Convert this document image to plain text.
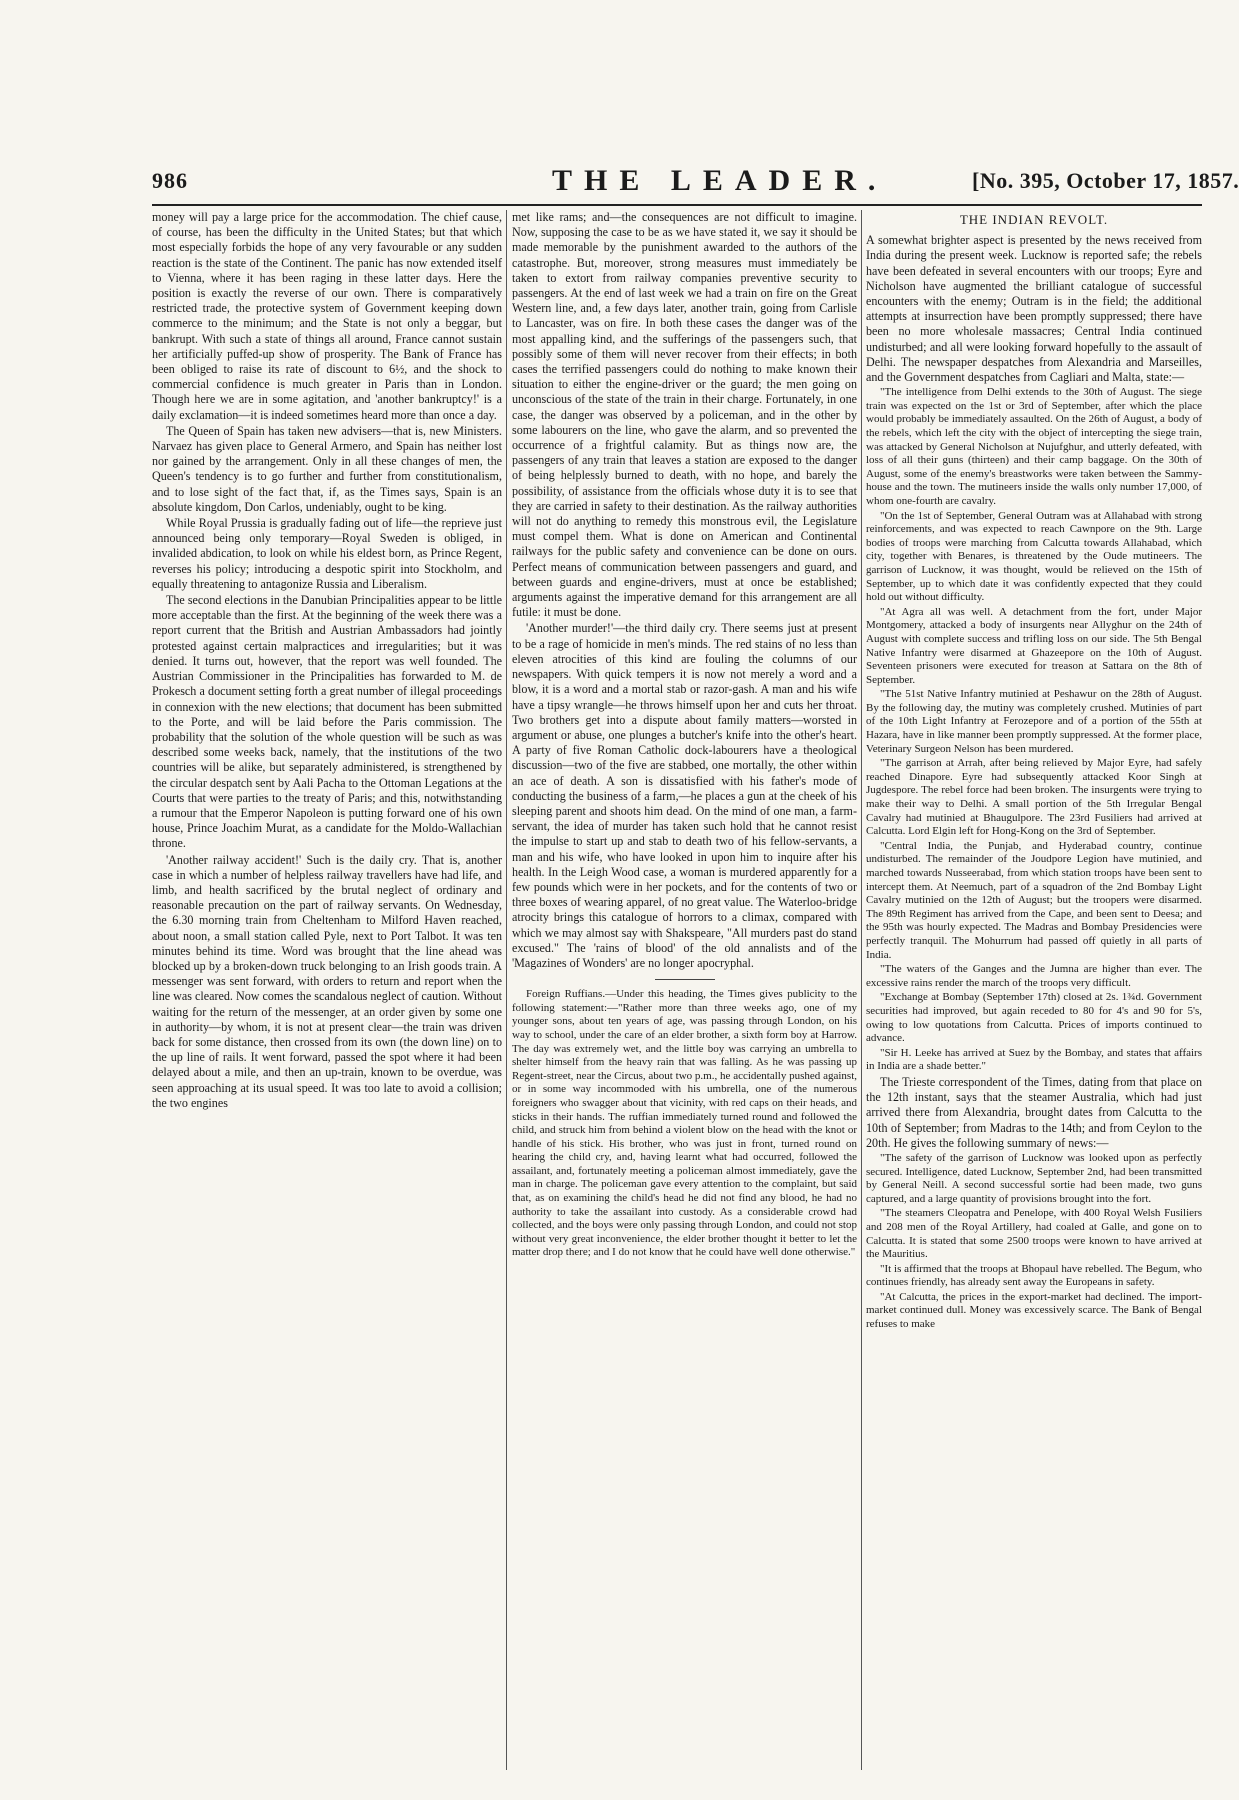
986	THE LEADER.	[No. 395, October 17, 1857.

money will pay a large price for the accommodation. The chief cause, of course, has been the difficulty in the United States; but that which most especially forbids the hope of any very favourable or any sudden reaction is the state of the Continent. The panic has now extended itself to Vienna, where it has been raging in these latter days. Here the position is exactly the reverse of our own. There is comparatively restricted trade, the protective system of Government keeping down commerce to the minimum; and the State is not only a beggar, but bankrupt. With such a state of things all around, France cannot sustain her artificially puffed-up show of prosperity. The Bank of France has been obliged to raise its rate of discount to 6½, and the shock to commercial confidence is much greater in Paris than in London. Though here we are in some agitation, and 'another bankruptcy!' is a daily exclamation—it is indeed sometimes heard more than once a day.

The Queen of Spain has taken new advisers—that is, new Ministers. Narvaez has given place to General Armero, and Spain has neither lost nor gained by the arrangement. Only in all these changes of men, the Queen's tendency is to go further and further from constitutionalism, and to lose sight of the fact that, if, as the Times says, Spain is an absolute kingdom, Don Carlos, undeniably, ought to be king.

While Royal Prussia is gradually fading out of life—the reprieve just announced being only temporary—Royal Sweden is obliged, in invalided abdication, to look on while his eldest born, as Prince Regent, reverses his policy; introducing a despotic spirit into Stockholm, and equally threatening to antagonize Russia and Liberalism.

The second elections in the Danubian Principalities appear to be little more acceptable than the first. At the beginning of the week there was a report current that the British and Austrian Ambassadors had jointly protested against certain malpractices and irregularities; but it was denied. It turns out, however, that the report was well founded. The Austrian Commissioner in the Principalities has forwarded to M. de Prokesch a document setting forth a great number of illegal proceedings in connexion with the new elections; that document has been submitted to the Porte, and will be laid before the Paris commission. The probability that the solution of the whole question will be such as was described some weeks back, namely, that the institutions of the two countries will be alike, but separately administered, is strengthened by the circular despatch sent by Aali Pacha to the Ottoman Legations at the Courts that were parties to the treaty of Paris; and this, notwithstanding a rumour that the Emperor Napoleon is putting forward one of his own house, Prince Joachim Murat, as a candidate for the Moldo-Wallachian throne.

'Another railway accident!' Such is the daily cry. That is, another case in which a number of helpless railway travellers have had life, and limb, and health sacrificed by the brutal neglect of ordinary and reasonable precaution on the part of railway servants. On Wednesday, the 6.30 morning train from Cheltenham to Milford Haven reached, about noon, a small station called Pyle, next to Port Talbot. It was ten minutes behind its time. Word was brought that the line ahead was blocked up by a broken-down truck belonging to an Irish goods train. A messenger was sent forward, with orders to return and report when the line was cleared. Now comes the scandalous neglect of caution. Without waiting for the return of the messenger, at an order given by some one in authority—by whom, it is not at present clear—the train was driven back for some distance, then crossed from its own (the down line) on to the up line of rails. It went forward, passed the spot where it had been delayed about a mile, and then an up-train, known to be overdue, was seen approaching at its usual speed. It was too late to avoid a collision; the two engines

met like rams; and—the consequences are not difficult to imagine. Now, supposing the case to be as we have stated it, we say it should be made memorable by the punishment awarded to the authors of the catastrophe. But, moreover, strong measures must immediately be taken to extort from railway companies preventive security to passengers. At the end of last week we had a train on fire on the Great Western line, and, a few days later, another train, going from Carlisle to Lancaster, was on fire. In both these cases the danger was of the most appalling kind, and the sufferings of the passengers such, that possibly some of them will never recover from their effects; in both cases the terrified passengers could do nothing to make known their situation to either the engine-driver or the guard; the men going on unconscious of the state of the train in their charge. Fortunately, in one case, the danger was observed by a policeman, and in the other by some labourers on the line, who gave the alarm, and so prevented the occurrence of a frightful calamity. But as things now are, the passengers of any train that leaves a station are exposed to the danger of being helplessly burned to death, with no hope, and barely the possibility, of assistance from the officials whose duty it is to see that they are carried in safety to their destination. As the railway authorities will not do anything to remedy this monstrous evil, the Legislature must compel them. What is done on American and Continental railways for the public safety and convenience can be done on ours. Perfect means of communication between passengers and guard, and between guards and engine-drivers, must at once be established; arguments against the imperative demand for this arrangement are all futile: it must be done.

'Another murder!'—the third daily cry. There seems just at present to be a rage of homicide in men's minds. The red stains of no less than eleven atrocities of this kind are fouling the columns of our newspapers. With quick tempers it is now not merely a word and a blow, it is a word and a mortal stab or razor-gash. A man and his wife have a tipsy wrangle—he throws himself upon her and cuts her throat. Two brothers get into a dispute about family matters—worsted in argument or abuse, one plunges a butcher's knife into the other's heart. A party of five Roman Catholic dock-labourers have a theological discussion—two of the five are stabbed, one mortally, the other within an ace of death. A son is dissatisfied with his father's mode of conducting the business of a farm,—he places a gun at the cheek of his sleeping parent and shoots him dead. On the mind of one man, a farm-servant, the idea of murder has taken such hold that he cannot resist the impulse to start up and stab to death two of his fellow-servants, a man and his wife, who have looked in upon him to inquire after his health. In the Leigh Wood case, a woman is murdered apparently for a few pounds which were in her pockets, and for the contents of two or three boxes of wearing apparel, of no great value. The Waterloo-bridge atrocity brings this catalogue of horrors to a climax, compared with which we may almost say with Shakspeare, "All murders past do stand excused." The 'rains of blood' of the old annalists and of the 'Magazines of Wonders' are no longer apocryphal.

Foreign Ruffians.—Under this heading, the Times gives publicity to the following statement:—"Rather more than three weeks ago, one of my younger sons, about ten years of age, was passing through London, on his way to school, under the care of an elder brother, a sixth form boy at Harrow. The day was extremely wet, and the little boy was carrying an umbrella to shelter himself from the heavy rain that was falling. As he was passing up Regent-street, near the Circus, about two p.m., he accidentally pushed against, or in some way incommoded with his umbrella, one of the numerous foreigners who swagger about that vicinity, with red caps on their heads, and sticks in their hands. The ruffian immediately turned round and followed the child, and struck him from behind a violent blow on the head with the knot or handle of his stick. His brother, who was just in front, turned round on hearing the child cry, and, having learnt what had occurred, followed the assailant, and, fortunately meeting a policeman almost immediately, gave the man in charge. The policeman gave every attention to the complaint, but said that, as on examining the child's head he did not find any blood, he had no authority to take the assailant into custody. As a considerable crowd had collected, and the boys were only passing through London, and could not stop without very great inconvenience, the elder brother thought it better to let the matter drop there; and I do not know that he could have well done otherwise."

THE INDIAN REVOLT.

A somewhat brighter aspect is presented by the news received from India during the present week. Lucknow is reported safe; the rebels have been defeated in several encounters with our troops; Eyre and Nicholson have augmented the brilliant catalogue of successful encounters with the enemy; Outram is in the field; the additional attempts at insurrection have been promptly suppressed; there have been no more wholesale massacres; Central India continued undisturbed; and all were looking forward hopefully to the assault of Delhi. The newspaper despatches from Alexandria and Marseilles, and the Government despatches from Cagliari and Malta, state:—

"The intelligence from Delhi extends to the 30th of August. The siege train was expected on the 1st or 3rd of September, after which the place would probably be immediately assaulted. On the 26th of August, a body of the rebels, which left the city with the object of intercepting the siege train, was attacked by General Nicholson at Nujufghur, and utterly defeated, with loss of all their guns (thirteen) and their camp baggage. On the 30th of August, some of the enemy's breastworks were taken between the Sammy-house and the town. The mutineers inside the walls only number 17,000, of whom one-fourth are cavalry.

"On the 1st of September, General Outram was at Allahabad with strong reinforcements, and was expected to reach Cawnpore on the 9th. Large bodies of troops were marching from Calcutta towards Allahabad, which city, together with Benares, is threatened by the Oude mutineers. The garrison of Lucknow, it was thought, would be relieved on the 15th of September, up to which date it was confidently expected that they could hold out without difficulty.

"At Agra all was well. A detachment from the fort, under Major Montgomery, attacked a body of insurgents near Allyghur on the 24th of August with complete success and trifling loss on our side. The 5th Bengal Native Infantry were disarmed at Ghazeepore on the 10th of August. Seventeen prisoners were executed for treason at Sattara on the 8th of September.

"The 51st Native Infantry mutinied at Peshawur on the 28th of August. By the following day, the mutiny was completely crushed. Mutinies of part of the 10th Light Infantry at Ferozepore and of a portion of the 55th at Hazara, have in like manner been promptly suppressed. At the former place, Veterinary Surgeon Nelson has been murdered.

"The garrison at Arrah, after being relieved by Major Eyre, had safely reached Dinapore. Eyre had subsequently attacked Koor Singh at Jugdespore. The rebel force had been broken. The insurgents were trying to make their way to Delhi. A small portion of the 5th Irregular Bengal Cavalry had mutinied at Bhaugulpore. The 23rd Fusiliers had arrived at Calcutta. Lord Elgin left for Hong-Kong on the 3rd of September.

"Central India, the Punjab, and Hyderabad country, continue undisturbed. The remainder of the Joudpore Legion have mutinied, and marched towards Nusseerabad, from which station troops have been sent to intercept them. At Neemuch, part of a squadron of the 2nd Bombay Light Cavalry mutinied on the 12th of August; but the troopers were disarmed. The 89th Regiment has arrived from the Cape, and been sent to Deesa; and the 95th was hourly expected. The Madras and Bombay Presidencies were perfectly tranquil. The Mohurrum had passed off quietly in all parts of India.

"The waters of the Ganges and the Jumna are higher than ever. The excessive rains render the march of the troops very difficult.

"Exchange at Bombay (September 17th) closed at 2s. 1¾d. Government securities had improved, but again receded to 80 for 4's and 90 for 5's, owing to low quotations from Calcutta. Prices of imports continued to advance.

"Sir H. Leeke has arrived at Suez by the Bombay, and states that affairs in India are a shade better."

The Trieste correspondent of the Times, dating from that place on the 12th instant, says that the steamer Australia, which had just arrived there from Alexandria, brought dates from Calcutta to the 10th of September; from Madras to the 14th; and from Ceylon to the 20th. He gives the following summary of news:—

"The safety of the garrison of Lucknow was looked upon as perfectly secured. Intelligence, dated Lucknow, September 2nd, had been transmitted by General Neill. A second successful sortie had been made, two guns captured, and a large quantity of provisions brought into the fort.

"The steamers Cleopatra and Penelope, with 400 Royal Welsh Fusiliers and 208 men of the Royal Artillery, had coaled at Galle, and gone on to Calcutta. It is stated that some 2500 troops were known to have arrived at the Mauritius.

"It is affirmed that the troops at Bhopaul have rebelled. The Begum, who continues friendly, has already sent away the Europeans in safety.

"At Calcutta, the prices in the export-market had declined. The import-market continued dull. Money was excessively scarce. The Bank of Bengal refuses to make
